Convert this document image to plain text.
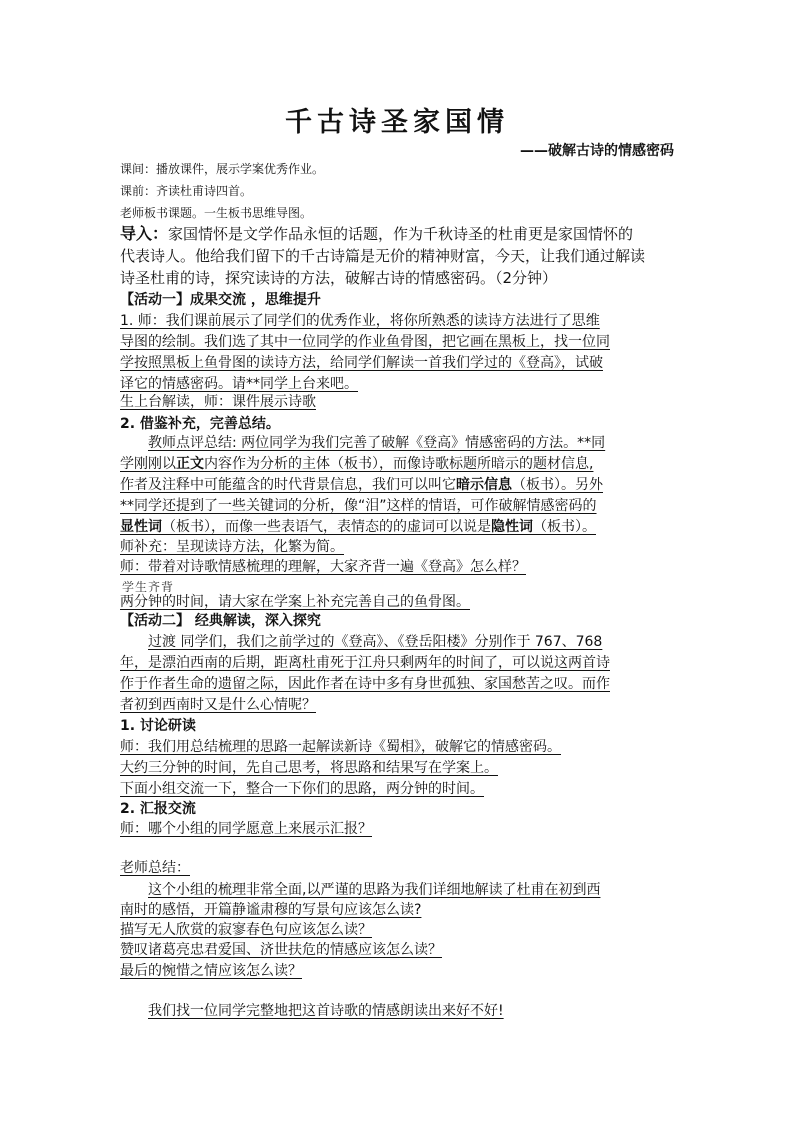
千古诗圣家国情
——破解古诗的情感密码
课间：播放课件，展示学案优秀作业。
课前：齐读杜甫诗四首。
老师板书课题。一生板书思维导图。
导入：家国情怀是文学作品永恒的话题，作为千秋诗圣的杜甫更是家国情怀的
代表诗人。他给我们留下的千古诗篇是无价的精神财富，今天，让我们通过解读
诗圣杜甫的诗，探究读诗的方法，破解古诗的情感密码。（2分钟）
【活动一】成果交流 ，思维提升
1. 师：我们课前展示了同学们的优秀作业，将你所熟悉的读诗方法进行了思维
导图的绘制。我们选了其中一位同学的作业鱼骨图，把它画在黑板上，找一位同
学按照黑板上鱼骨图的读诗方法，给同学们解读一首我们学过的《登高》，试破
译它的情感密码。请**同学上台来吧。
生上台解读，师：课件展示诗歌
2. 借鉴补充，完善总结。
教师点评总结: 两位同学为我们完善了破解《登高》情感密码的方法。**同
学刚刚以正文内容作为分析的主体（板书），而像诗歌标题所暗示的题材信息,
作者及注释中可能蕴含的时代背景信息，我们可以叫它暗示信息（板书）。另外
**同学还提到了一些关键词的分析，像“泪”这样的情语，可作破解情感密码的
显性词（板书），而像一些表语气，表情态的的虚词可以说是隐性词（板书）。
师补充：呈现读诗方法，化繁为简。
师：带着对诗歌情感梳理的理解，大家齐背一遍《登高》怎么样？
学生齐背
两分钟的时间，请大家在学案上补充完善自己的鱼骨图。
【活动二】 经典解读，深入探究
过渡 同学们，我们之前学过的《登高》、《登岳阳楼》分别作于 767、768
年，是漂泊西南的后期，距离杜甫死于江舟只剩两年的时间了，可以说这两首诗
作于作者生命的遗留之际，因此作者在诗中多有身世孤独、家国愁苦之叹。而作
者初到西南时又是什么心情呢？
1. 讨论研读
师：我们用总结梳理的思路一起解读新诗《蜀相》，破解它的情感密码。
大约三分钟的时间，先自己思考，将思路和结果写在学案上。
下面小组交流一下，整合一下你们的思路，两分钟的时间。
2. 汇报交流
师：哪个小组的同学愿意上来展示汇报？
老师总结：
这个小组的梳理非常全面,以严谨的思路为我们详细地解读了杜甫在初到西
南时的感悟，开篇静谧肃穆的写景句应该怎么读?
描写无人欣赏的寂寥春色句应该怎么读？
赞叹诸葛亮忠君爱国、济世扶危的情感应该怎么读？
最后的惋惜之情应该怎么读？
我们找一位同学完整地把这首诗歌的情感朗读出来好不好!
